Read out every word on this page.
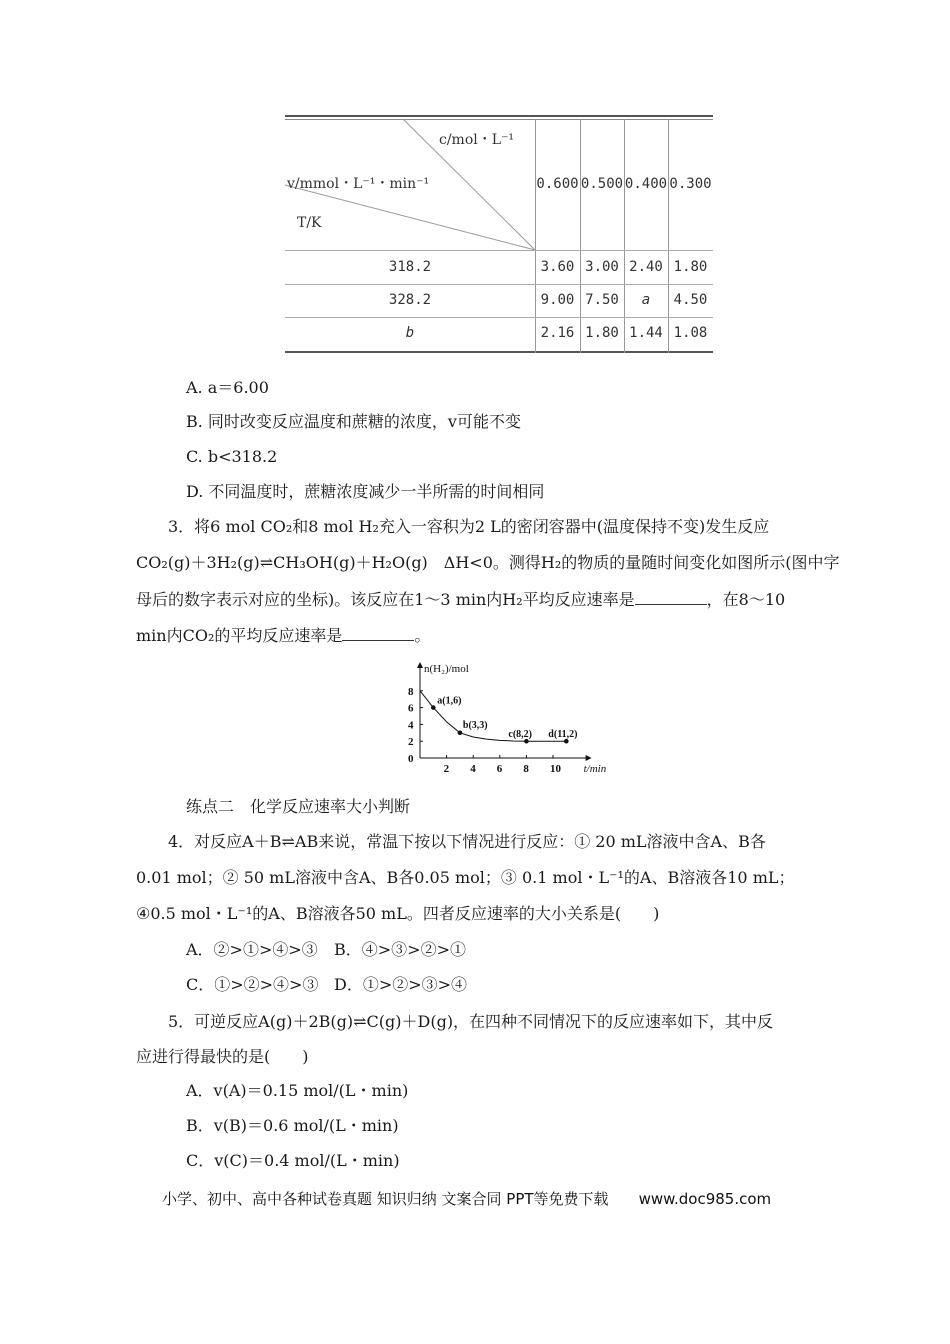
c/mol・L⁻¹
v/mmol・L⁻¹・min⁻¹
T/K
0.600 0.500 0.400 0.300
318.2	3.60 3.00 2.40 1.80
328.2	9.00 7.50	a	4.50
b	2.16 1.80 1.44 1.08
A. a＝6.00
B. 同时改变反应温度和蔗糖的浓度，v可能不变
C. b<318.2
D. 不同温度时，蔗糖浓度减少一半所需的时间相同
3．将6 mol CO₂和8 mol H₂充入一容积为2 L的密闭容器中(温度保持不变)发生反应
CO₂(g)＋3H₂(g)⇌CH₃OH(g)＋H₂O(g)　ΔH<0。测得H₂的物质的量随时间变化如图所示(图中字
母后的数字表示对应的坐标)。该反应在1～3 min内H₂平均反应速率是	，在8～10
min内CO₂的平均反应速率是	。
2 4 6 8 10
0
2
4
6
8
n(H₂)/mol
t/min
a(1,6)
b(3,3)
c(8,2) d(11,2)
练点二　化学反应速率大小判断
4．对反应A＋B⇌AB来说，常温下按以下情况进行反应：① 20 mL溶液中含A、B各
0.01 mol；② 50 mL溶液中含A、B各0.05 mol；③ 0.1 mol・L⁻¹的A、B溶液各10 mL；
④0.5 mol・L⁻¹的A、B溶液各50 mL。四者反应速率的大小关系是(　　)
A．②>①>④>③ B．④>③>②>①
C．①>②>④>③ D．①>②>③>④
5．可逆反应A(g)＋2B(g)⇌C(g)＋D(g)，在四种不同情况下的反应速率如下，其中反
应进行得最快的是(　　)
A．v(A)＝0.15 mol/(L・min)
B．v(B)＝0.6 mol/(L・min)
C．v(C)＝0.4 mol/(L・min)
小学、初中、高中各种试卷真题 知识归纳 文案合同 PPT等免费下载 www.doc985.com
